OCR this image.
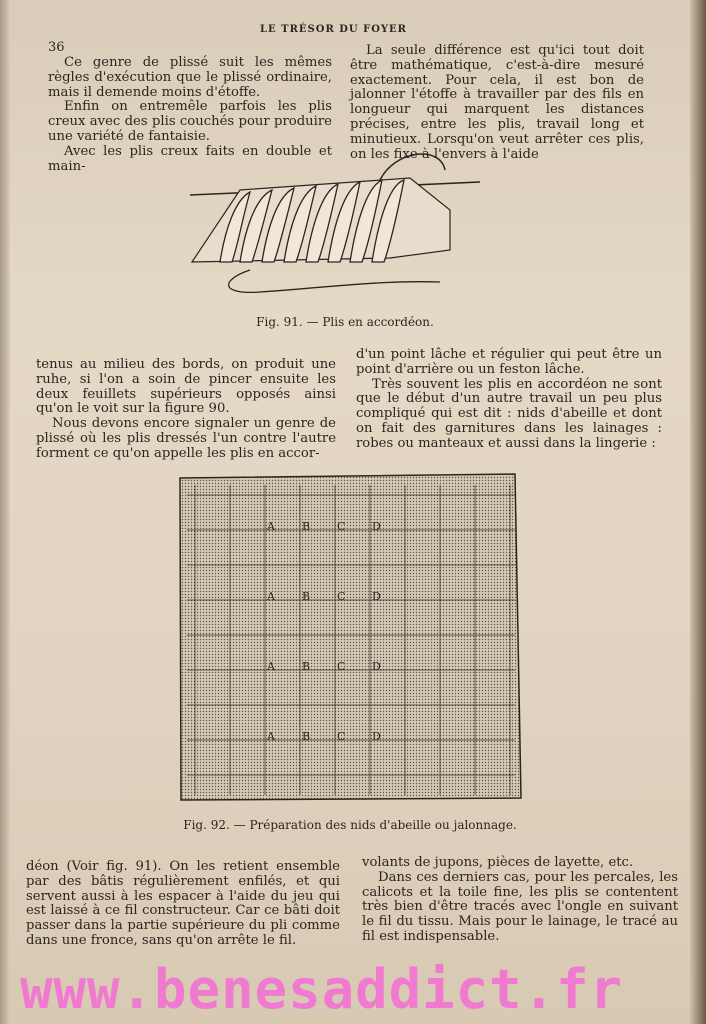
LE TRÉSOR DU FOYER
36

Ce genre de plissé suit les mêmes règles d'exécution que le plissé ordinaire, mais il demende moins d'étoffe.

Enfin on entremêle parfois les plis creux avec des plis couchés pour produire une variété de fantaisie.

Avec les plis creux faits en double et main-

La seule différence est qu'ici tout doit être mathématique, c'est-à-dire mesuré exactement. Pour cela, il est bon de jalonner l'étoffe à travailler par des fils en longueur qui marquent les distances précises, entre les plis, travail long et minutieux. Lorsqu'on veut arrêter ces plis, on les fixe à l'envers à l'aide

Fig. 91. — Plis en accordéon.

tenus au milieu des bords, on produit une ruhe, si l'on a soin de pincer ensuite les deux feuillets supérieurs opposés ainsi qu'on le voit sur la figure 90.

Nous devons encore signaler un genre de plissé où les plis dressés l'un contre l'autre forment ce qu'on appelle les plis en accor-

d'un point lâche et régulier qui peut être un point d'arrière ou un feston lâche.

Très souvent les plis en accordéon ne sont que le début d'un autre travail un peu plus compliqué qui est dit : nids d'abeille et dont on fait des garnitures dans les lainages : robes ou manteaux et aussi dans la lingerie :

A B C D
A B C D
A B C D
A B C D
Fig. 92. — Préparation des nids d'abeille ou jalonnage.

déon (Voir fig. 91). On les retient ensemble par des bâtis régulièrement enfilés, et qui servent aussi à les espacer à l'aide du jeu qui est laissé à ce fil constructeur. Car ce bâti doit passer dans la partie supérieure du pli comme dans une fronce, sans qu'on arrête le fil.

volants de jupons, pièces de layette, etc.

Dans ces derniers cas, pour les percales, les calicots et la toile fine, les plis se contentent très bien d'être tracés avec l'ongle en suivant le fil du tissu. Mais pour le lainage, le tracé au fil est indispensable.

www.benesaddict.fr
